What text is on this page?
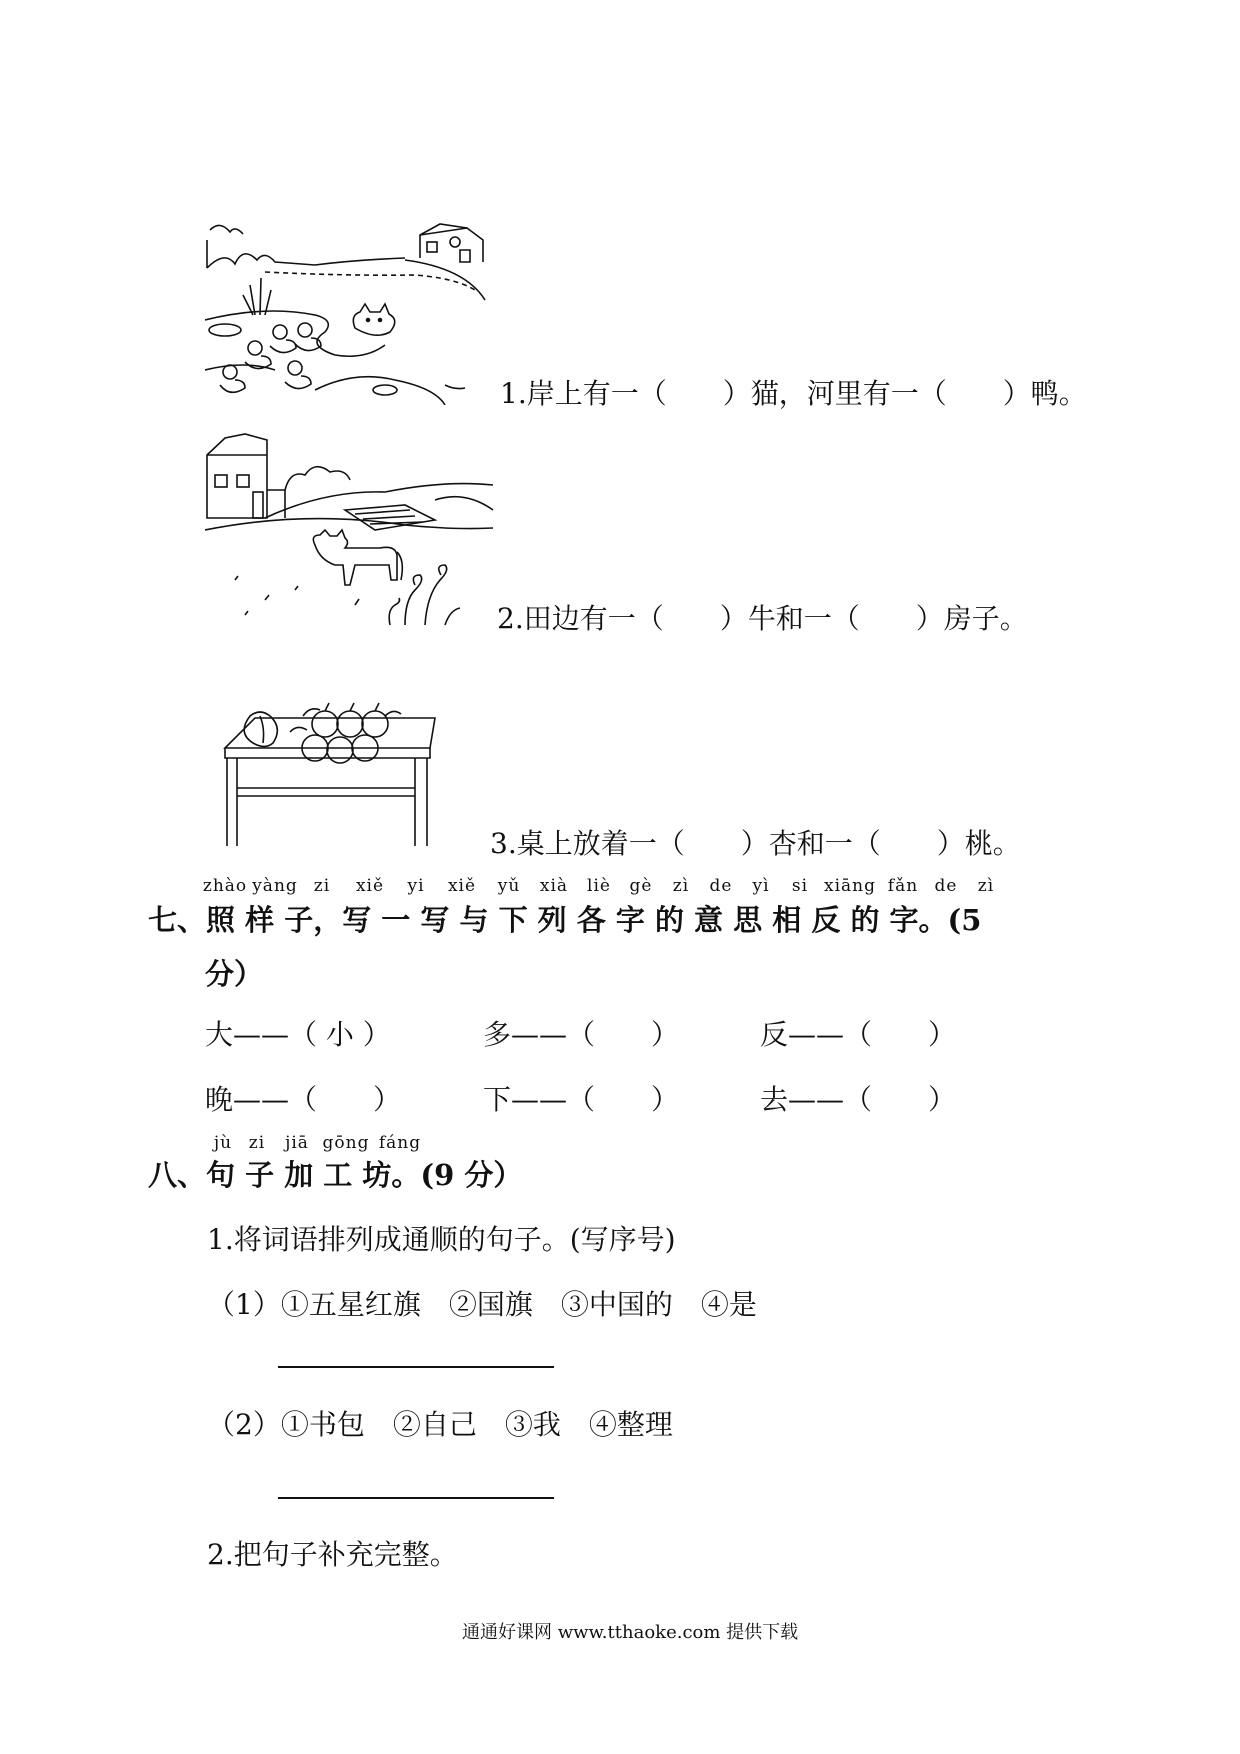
1.岸上有一（　　）猫，河里有一（　　）鸭。
2.田边有一（　　）牛和一（　　）房子。
3.桌上放着一（　　）杏和一（　　）桃。
zhào yàng zi xiě yi xiě yǔ xià liè gè zì de yì si xiāng fǎn de zì
七、照 样 子，写 一 写 与 下 列 各 字 的 意 思 相 反 的 字。(5
分）
大——（ 小 ）	多——（　　）	反——（　　）
晚——（　　）	下——（　　）	去——（　　）
jù zi jiā gōng fáng
八、句 子 加 工 坊。(9 分）
1.将词语排列成通顺的句子。(写序号)
（1）①五星红旗　②国旗　③中国的　④是
（2）①书包　②自己　③我　④整理
2.把句子补充完整。
通通好课网 www.tthaoke.com 提供下载
